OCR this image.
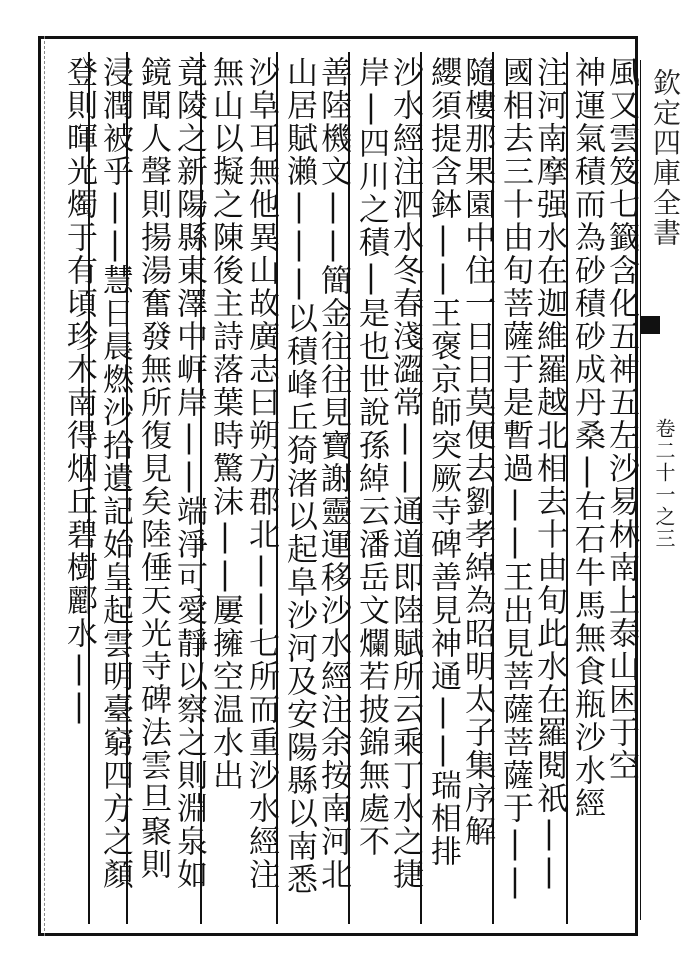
欽定四庫全書
卷二十一之三
風又雲笈七籤含化五神五左沙易林南上泰山困于空
神運氣積而為砂積砂成丹桑|右石牛馬無食瓶沙水經
注河南摩强水在迦維羅越北相去十由旬此水在羅閱祇||
國相去三十由旬菩薩于是暫過||王出見菩薩菩薩于||
隨樓那果園中住一日日莫便去劉孝綽為昭明太子集序解
纓須提含鉢||王褒京師突厥寺碑善見神通||瑞相排
沙水經注泗水冬春淺澀常||通道即陸賦所云乘丁水之捷
岸|四川之積|是也世說孫綽云潘岳文爛若披錦無處不
善陸機文||簡金往往見寶謝靈運移沙水經注余按南河北
山居賦瀨|||以積峰丘猗渚以起阜沙河及安陽縣以南悉
沙阜耳無他異山故廣志曰朔方郡北||七所而重沙水經注
無山以擬之陳後主詩落葉時驚沫||屢擁空温水出
竟陵之新陽縣東澤中㟁岸||端淨可愛靜以察之則淵泉如
鏡聞人聲則揚湯奮發無所復見矣陸倕天光寺碑法雲旦聚則
浸潤被乎||慧日晨燃沙拾遺記始皇起雲明臺窮四方之顏
登則暉光燭于有頃珍木南得烟丘碧樹酈水||
